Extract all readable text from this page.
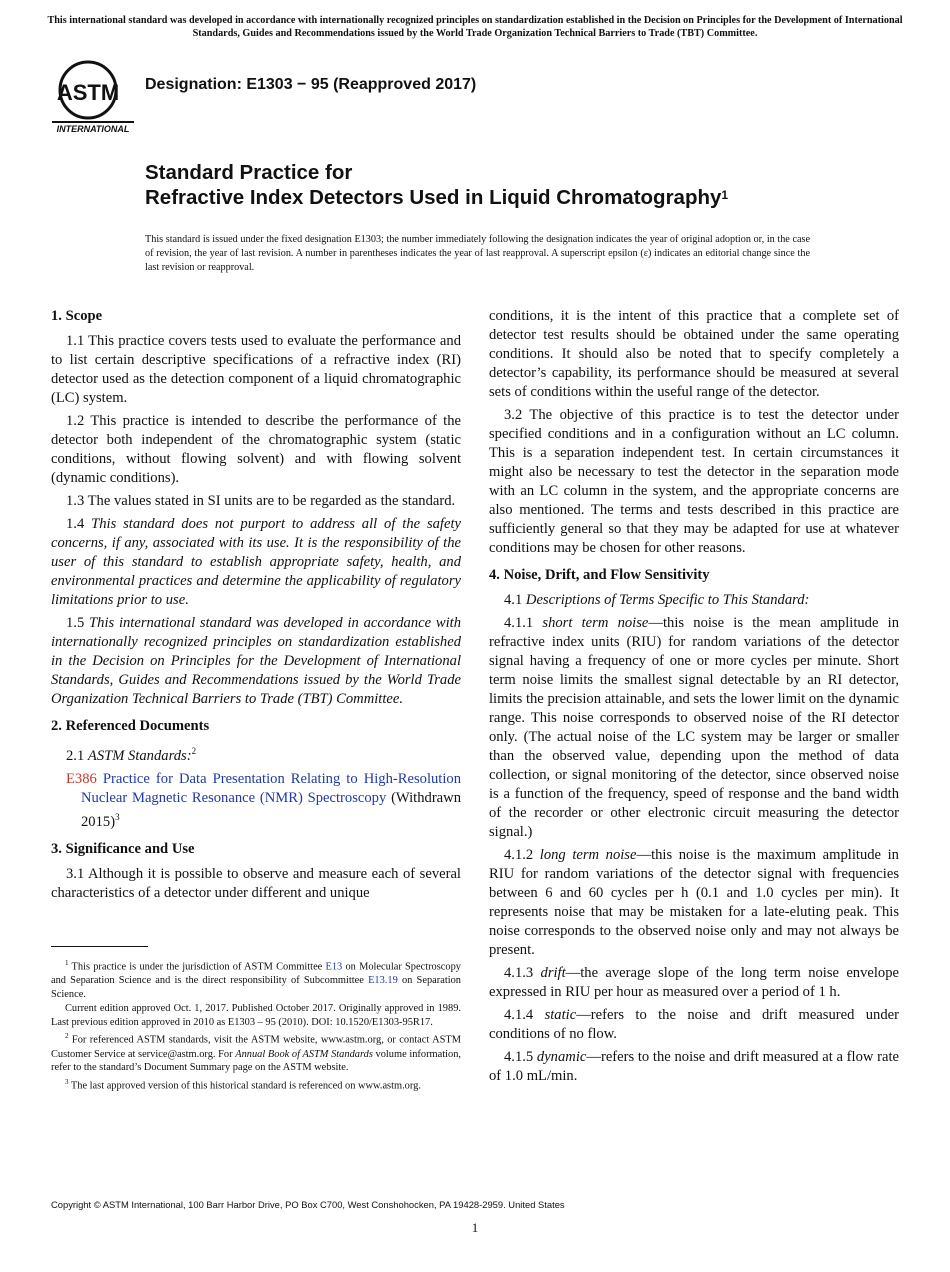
This international standard was developed in accordance with internationally recognized principles on standardization established in the Decision on Principles for the Development of International Standards, Guides and Recommendations issued by the World Trade Organization Technical Barriers to Trade (TBT) Committee.
ASTM
INTERNATIONAL
Designation: E1303 − 95 (Reapproved 2017)
Standard Practice for
Refractive Index Detectors Used in Liquid Chromatography$^1$
This standard is issued under the fixed designation E1303; the number immediately following the designation indicates the year of original adoption or, in the case of revision, the year of last revision. A number in parentheses indicates the year of last reapproval. A superscript epsilon (ε) indicates an editorial change since the last revision or reapproval.
1. Scope

1.1 This practice covers tests used to evaluate the performance and to list certain descriptive specifications of a refractive index (RI) detector used as the detection component of a liquid chromatographic (LC) system.

1.2 This practice is intended to describe the performance of the detector both independent of the chromatographic system (static conditions, without flowing solvent) and with flowing solvent (dynamic conditions).

1.3 The values stated in SI units are to be regarded as the standard.

1.4 This standard does not purport to address all of the safety concerns, if any, associated with its use. It is the responsibility of the user of this standard to establish appropriate safety, health, and environmental practices and determine the applicability of regulatory limitations prior to use.

1.5 This international standard was developed in accordance with internationally recognized principles on standardization established in the Decision on Principles for the Development of International Standards, Guides and Recommendations issued by the World Trade Organization Technical Barriers to Trade (TBT) Committee.

2. Referenced Documents

2.1 ASTM Standards:$^2$

E386 Practice for Data Presentation Relating to High-Resolution Nuclear Magnetic Resonance (NMR) Spectroscopy (Withdrawn 2015)$^3$

3. Significance and Use

3.1 Although it is possible to observe and measure each of several characteristics of a detector under different and unique

conditions, it is the intent of this practice that a complete set of detector test results should be obtained under the same operating conditions. It should also be noted that to specify completely a detector’s capability, its performance should be measured at several sets of conditions within the useful range of the detector.

3.2 The objective of this practice is to test the detector under specified conditions and in a configuration without an LC column. This is a separation independent test. In certain circumstances it might also be necessary to test the detector in the separation mode with an LC column in the system, and the appropriate concerns are also mentioned. The terms and tests described in this practice are sufficiently general so that they may be adapted for use at whatever conditions may be chosen for other reasons.

4. Noise, Drift, and Flow Sensitivity

4.1 Descriptions of Terms Specific to This Standard:

4.1.1 short term noise—this noise is the mean amplitude in refractive index units (RIU) for random variations of the detector signal having a frequency of one or more cycles per minute. Short term noise limits the smallest signal detectable by an RI detector, limits the precision attainable, and sets the lower limit on the dynamic range. This noise corresponds to observed noise of the RI detector only. (The actual noise of the LC system may be larger or smaller than the observed value, depending upon the method of data collection, or signal monitoring of the detector, since observed noise is a function of the frequency, speed of response and the band width of the recorder or other electronic circuit measuring the detector signal.)

4.1.2 long term noise—this noise is the maximum amplitude in RIU for random variations of the detector signal with frequencies between 6 and 60 cycles per h (0.1 and 1.0 cycles per min). It represents noise that may be mistaken for a late-eluting peak. This noise corresponds to the observed noise only and may not always be present.

4.1.3 drift—the average slope of the long term noise envelope expressed in RIU per hour as measured over a period of 1 h.

4.1.4 static—refers to the noise and drift measured under conditions of no flow.

4.1.5 dynamic—refers to the noise and drift measured at a flow rate of 1.0 mL/min.

$^1$ This practice is under the jurisdiction of ASTM Committee E13 on Molecular Spectroscopy and Separation Science and is the direct responsibility of Subcommittee E13.19 on Separation Science.

Current edition approved Oct. 1, 2017. Published October 2017. Originally approved in 1989. Last previous edition approved in 2010 as E1303 – 95 (2010). DOI: 10.1520/E1303-95R17.

$^2$ For referenced ASTM standards, visit the ASTM website, www.astm.org, or contact ASTM Customer Service at service@astm.org. For Annual Book of ASTM Standards volume information, refer to the standard’s Document Summary page on the ASTM website.

$^3$ The last approved version of this historical standard is referenced on www.astm.org.

Copyright © ASTM International, 100 Barr Harbor Drive, PO Box C700, West Conshohocken, PA 19428-2959. United States
1
